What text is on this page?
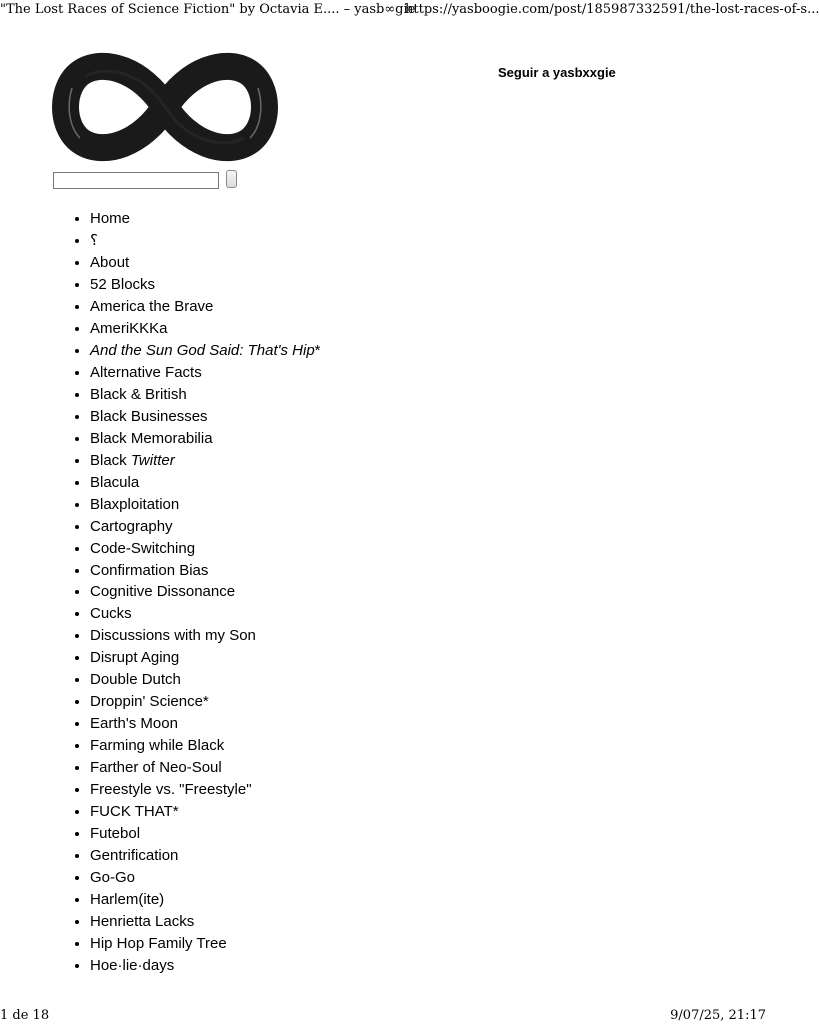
"The Lost Races of Science Fiction" by Octavia E.... – yasb∞gie
https://yasboogie.com/post/185987332591/the-lost-races-of-s...
Seguir a yasbxxgie
• Home
• ؟
• About
• 52 Blocks
• America the Brave
• AmeriKKKa
• And the Sun God Said: That's Hip*
• Alternative Facts
• Black & British
• Black Businesses
• Black Memorabilia
• Black Twitter
• Blacula
• Blaxploitation
• Cartography
• Code-Switching
• Confirmation Bias
• Cognitive Dissonance
• Cucks
• Discussions with my Son
• Disrupt Aging
• Double Dutch
• Droppin' Science*
• Earth's Moon
• Farming while Black
• Farther of Neo-Soul
• Freestyle vs. "Freestyle"
• FUCK THAT*
• Futebol
• Gentrification
• Go-Go
• Harlem(ite)
• Henrietta Lacks
• Hip Hop Family Tree
• Hoe·lie·days
1 de 18	9/07/25, 21:17
